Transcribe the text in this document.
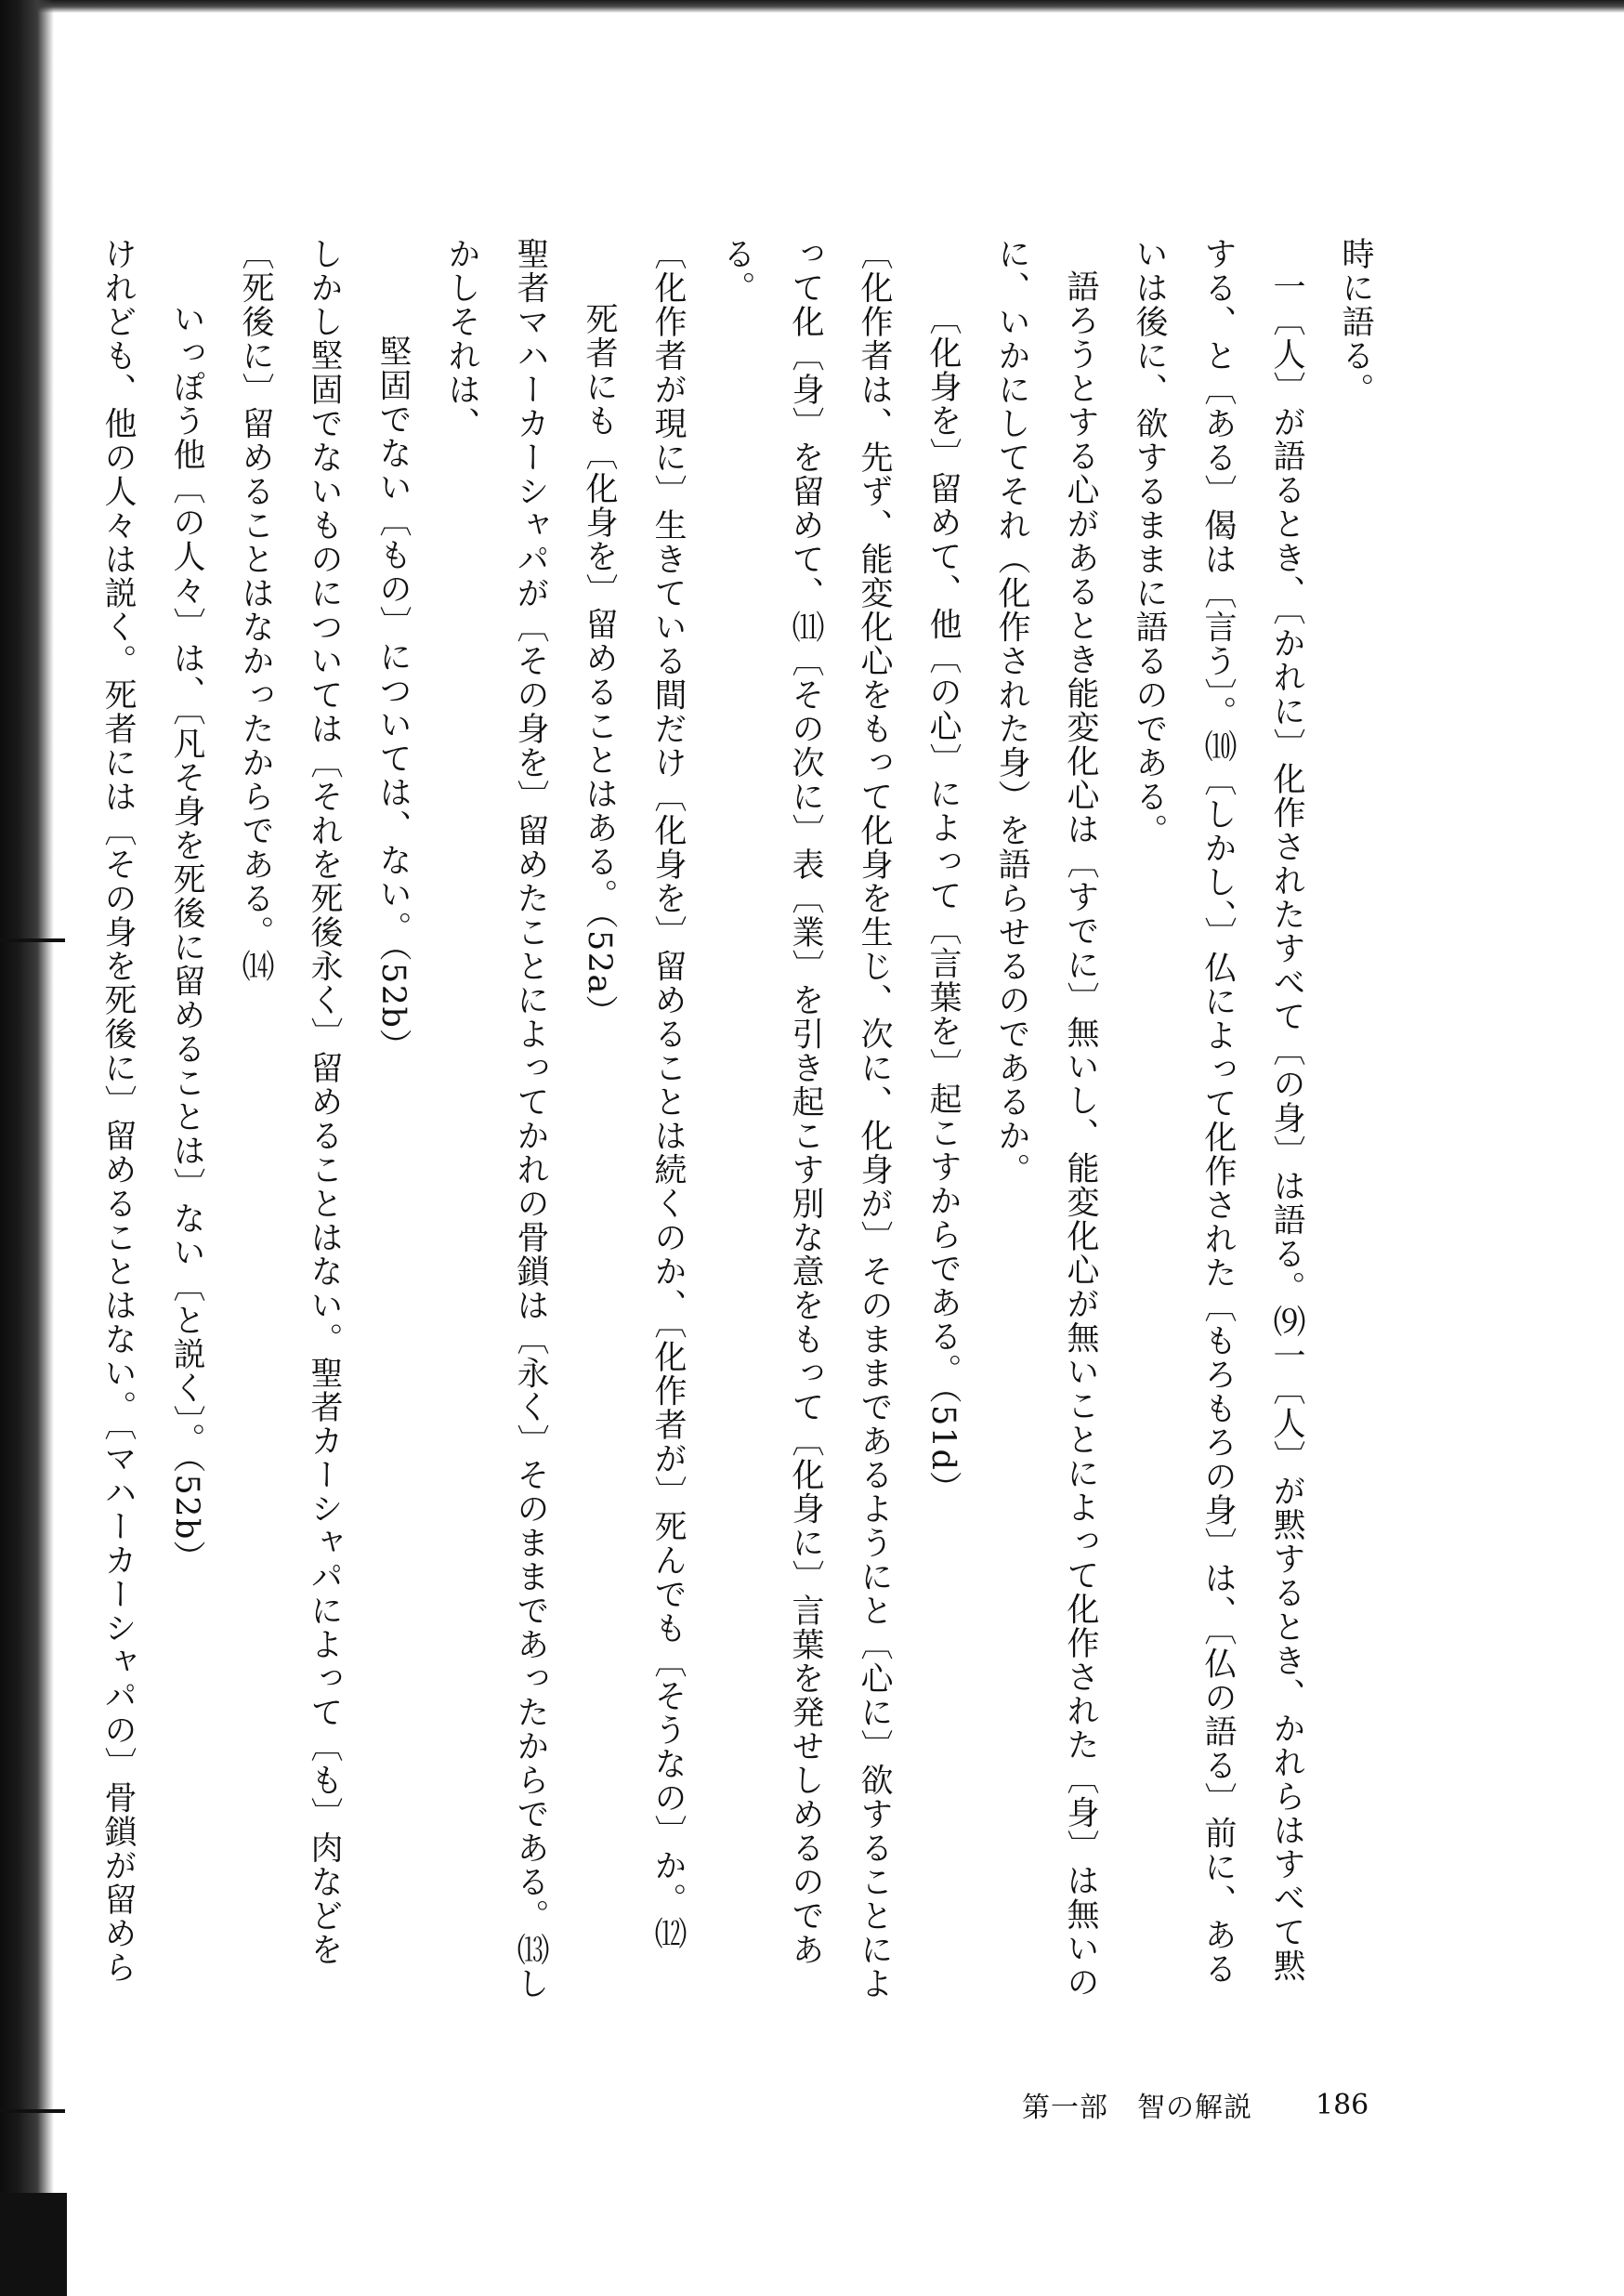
時に語る。

一〔人〕が語るとき、〔かれに〕化作されたすべて〔の身〕は語る。⑼一〔人〕が黙するとき、かれらはすべて黙する、と〔ある〕偈は〔言う〕。⑽〔しかし、〕仏によって化作された〔もろもろの身〕は、〔仏の語る〕前に、あるいは後に、欲するままに語るのである。

語ろうとする心があるとき能変化心は〔すでに〕無いし、能変化心が無いことによって化作された〔身〕は無いのに、いかにしてそれ（化作された身）を語らせるのであるか。

〔化身を〕留めて、他〔の心〕によって〔言葉を〕起こすからである。（51d）

〔化作者は、先ず、能変化心をもって化身を生じ、次に、化身が〕そのままであるようにと〔心に〕欲することによって化〔身〕を留めて、⑾〔その次に〕表〔業〕を引き起こす別な意をもって〔化身に〕言葉を発せしめるのである。

〔化作者が現に〕生きている間だけ〔化身を〕留めることは続くのか、〔化作者が〕死んでも〔そうなの〕か。⑿

死者にも〔化身を〕留めることはある。（52a）

聖者マハーカーシャパが〔その身を〕留めたことによってかれの骨鎖は〔永く〕そのままであったからである。⒀しかしそれは、

堅固でない〔もの〕については、ない。（52b）

しかし堅固でないものについては〔それを死後永く〕留めることはない。聖者カーシャパによって〔も〕肉などを〔死後に〕留めることはなかったからである。⒁

いっぽう他〔の人々〕は、〔凡そ身を死後に留めることは〕ない〔と説く〕。（52b）

けれども、他の人々は説く。死者には〔その身を死後に〕留めることはない。〔マハーカーシャパの〕骨鎖が留めら

第一部　智の解説 186
